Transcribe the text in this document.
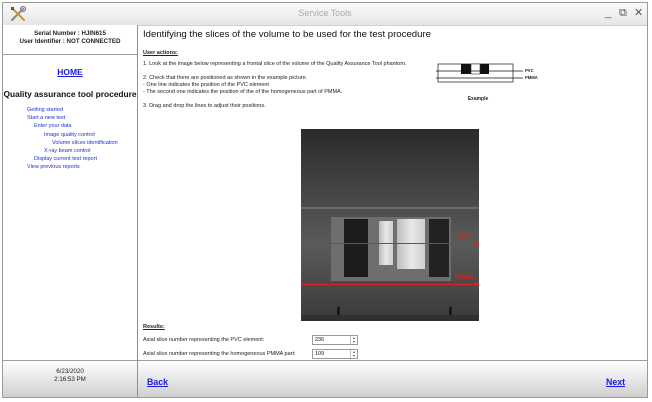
Service Tools	_ ⧉ ✕
Serial Number : HJIN615
User Identifier : NOT CONNECTED
HOME
Quality assurance tool procedure
Getting started
Start a new test
Enter your data
Image quality control
Volume slices identification
X-ray beam control
Display current test report
View previous reports
6/23/2020
2:16:53 PM
Identifying the slices of the volume to be used for the test procedure
User actions:
1. Look at the image below representing a frontal slice of the volume of the Quality Assurance Tool phantom.
2. Check that there are positioned as shown in the example picture.
- One line indicates the position of the PVC element
- The second one indicates the position of the of the homogeneous part of PMMA.
3. Drag and drop the lines to adjust their positions.
PVC
PMMA
Example
PVC
PMMA
Results:
Axial slice number representing the PVC element:
236	▲
▼
Axial slice number representing the homogeneous PMMA part:
109	▲
▼
Back	Next
